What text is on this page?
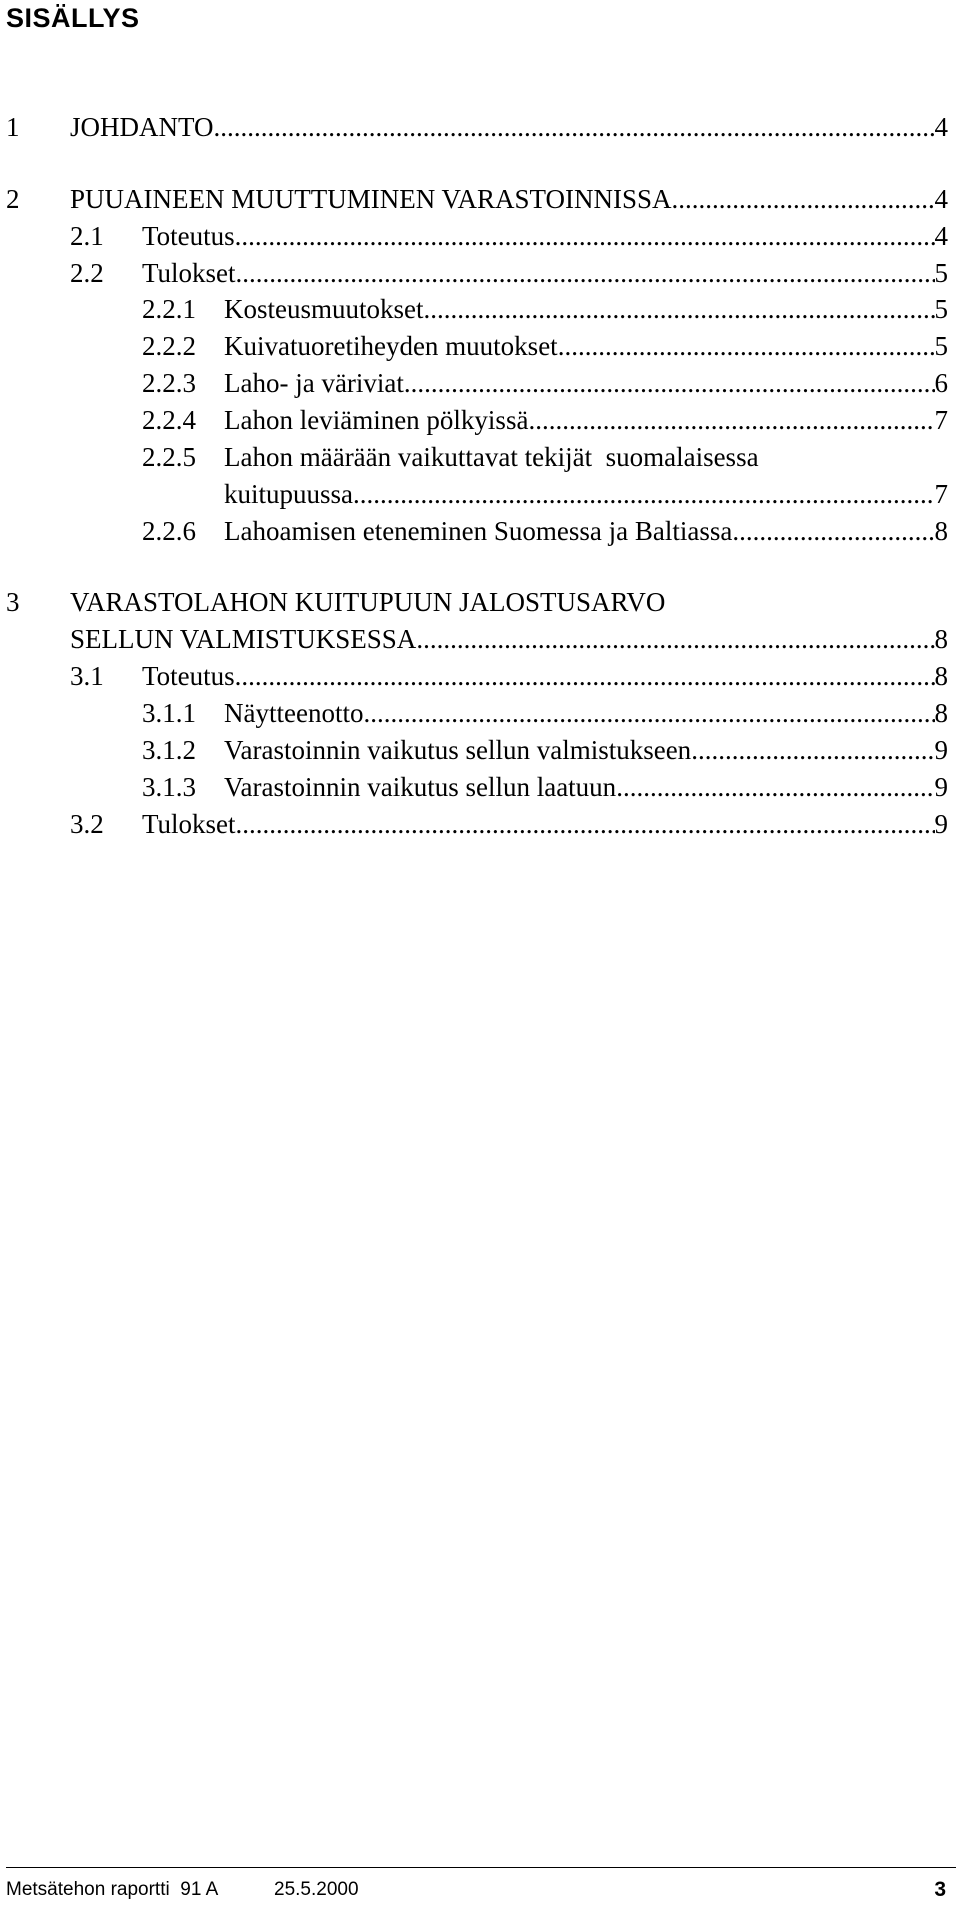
SISÄLLYS
1 JOHDANTO .....	4
2 PUUAINEEN MUUTTUMINEN VARASTOINNISSA .....	4
2.1 Toteutus .....	4
2.2 Tulokset .....	5
2.2.1 Kosteusmuutokset .....	5
2.2.2 Kuivatuoretiheyden muutokset .....	5
2.2.3 Laho- ja väriviat .....	6
2.2.4 Lahon leviäminen pölkyissä .....	7
2.2.5 Lahon määrään vaikuttavat tekijät  suomalaisessa
kuitupuussa .....	7
2.2.6 Lahoamisen eteneminen Suomessa ja Baltiassa .....	8
3 VARASTOLAHON KUITUPUUN JALOSTUSARVO
SELLUN VALMISTUKSESSA .....	8
3.1 Toteutus .....	8
3.1.1 Näytteenotto .....	8
3.1.2 Varastoinnin vaikutus sellun valmistukseen .....	9
3.1.3 Varastoinnin vaikutus sellun laatuun .....	9
3.2 Tulokset .....	9
Metsätehon raportti  91 A	25.5.2000	3
